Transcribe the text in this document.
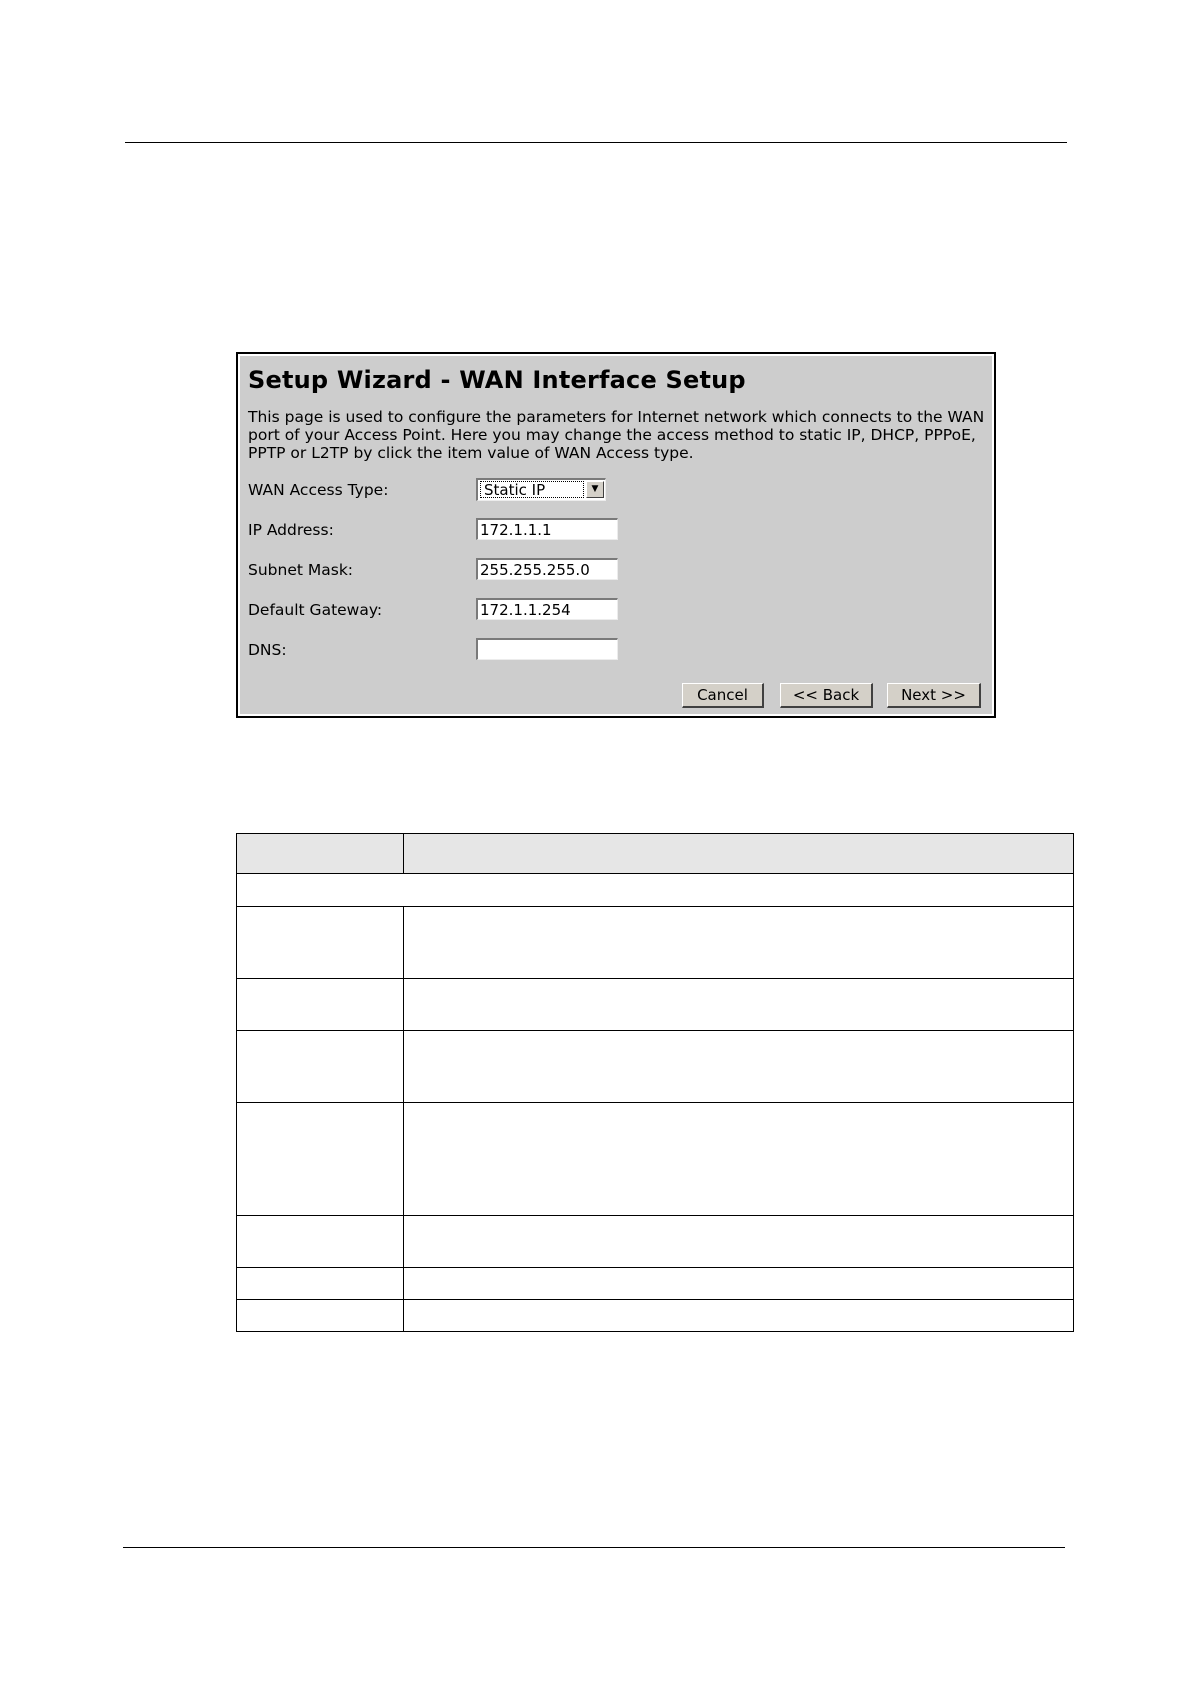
Setup Wizard - WAN Interface Setup

This page is used to configure the parameters for Internet network which connects to the WAN port of your Access Point. Here you may change the access method to static IP, DHCP, PPPoE, PPTP or L2TP by click the item value of WAN Access type.

WAN Access Type:	Static IP	▼
IP Address:
172.1.1.1
Subnet Mask:
255.255.255.0
Default Gateway:
172.1.1.254
DNS:
Cancel	<< Back	Next >>
